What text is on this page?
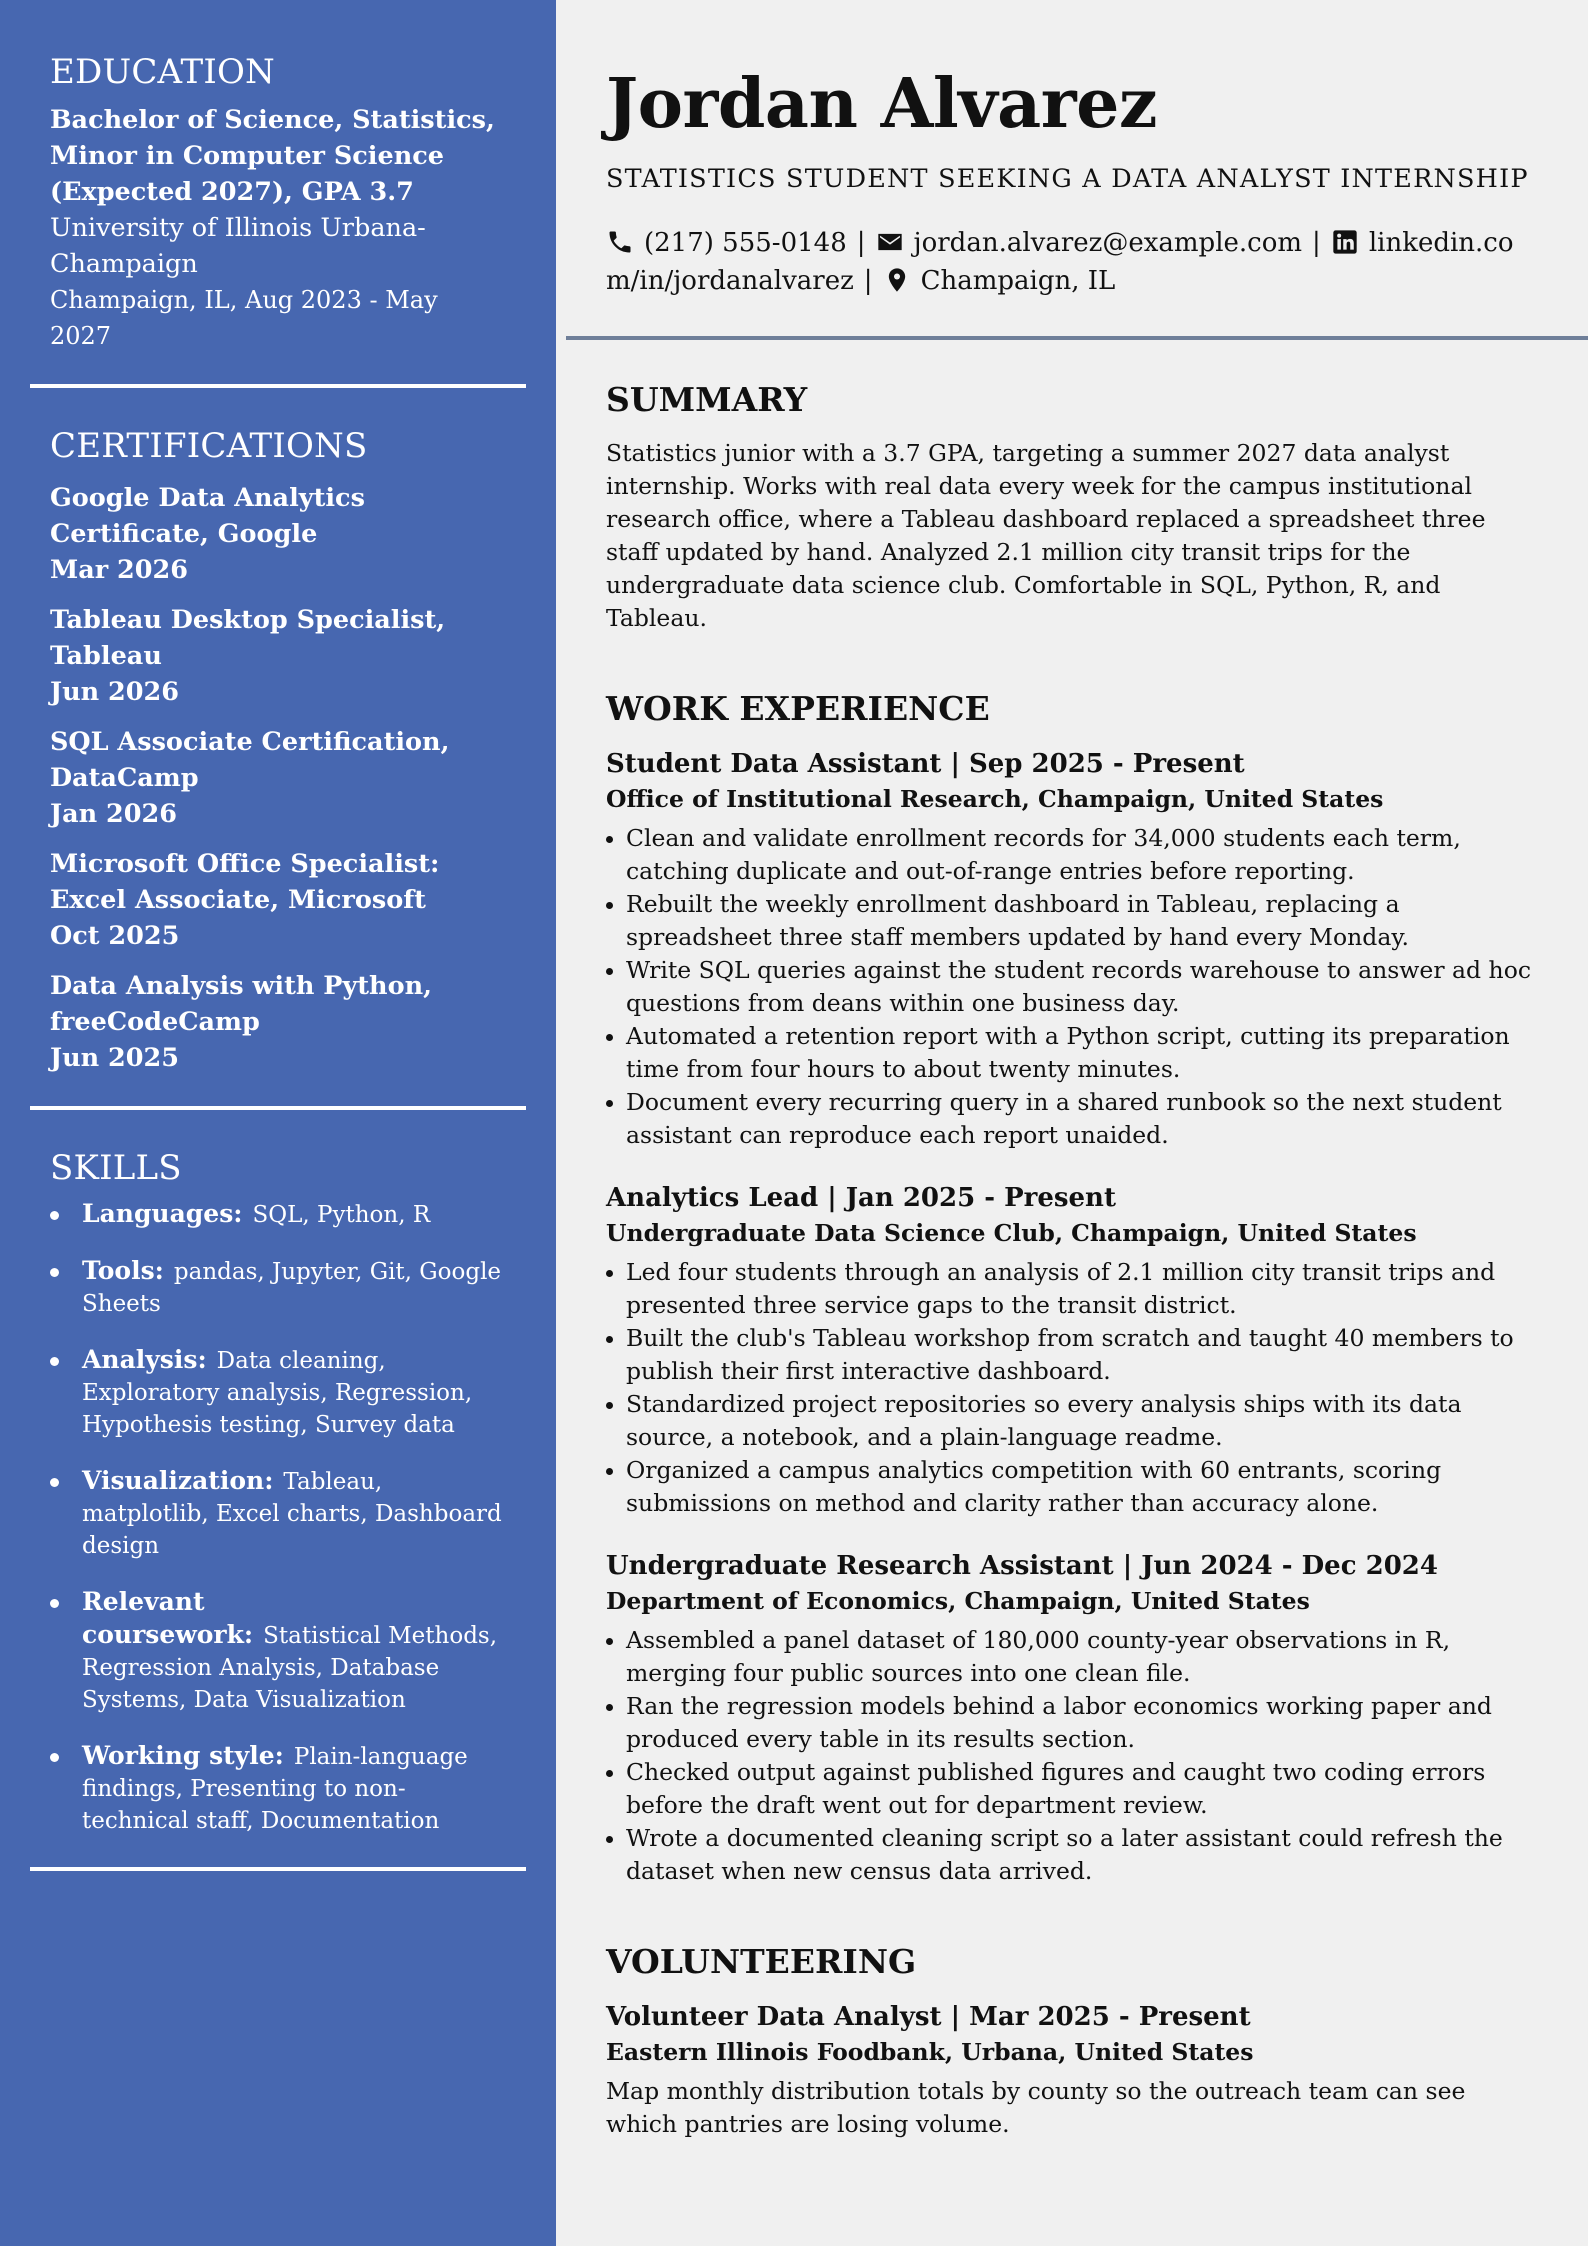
EDUCATION
Bachelor of Science, Statistics, Minor in Computer Science (Expected 2027), GPA 3.7
University of Illinois Urbana-Champaign
Champaign, IL, Aug 2023 - May 2027
CERTIFICATIONS
Google Data Analytics Certificate, Google
Mar 2026
Tableau Desktop Specialist, Tableau
Jun 2026
SQL Associate Certification, DataCamp
Jan 2026
Microsoft Office Specialist: Excel Associate, Microsoft
Oct 2025
Data Analysis with Python, freeCodeCamp
Jun 2025
SKILLS
Languages: SQL, Python, R
Tools: pandas, Jupyter, Git, Google Sheets
Analysis: Data cleaning, Exploratory analysis, Regression, Hypothesis testing, Survey data
Visualization: Tableau, matplotlib, Excel charts, Dashboard design
Relevant coursework: Statistical Methods, Regression Analysis, Database Systems, Data Visualization
Working style: Plain-language findings, Presenting to non-technical staff, Documentation
Jordan Alvarez
STATISTICS STUDENT SEEKING A DATA ANALYST INTERNSHIP
(217) 555-0148 | jordan.alvarez@example.com | linkedin.com/in/jordanalvarez | Champaign, IL
SUMMARY
Statistics junior with a 3.7 GPA, targeting a summer 2027 data analyst internship. Works with real data every week for the campus institutional research office, where a Tableau dashboard replaced a spreadsheet three staff updated by hand. Analyzed 2.1 million city transit trips for the undergraduate data science club. Comfortable in SQL, Python, R, and Tableau.
WORK EXPERIENCE
Student Data Assistant | Sep 2025 - Present
Office of Institutional Research, Champaign, United States
Clean and validate enrollment records for 34,000 students each term, catching duplicate and out-of-range entries before reporting.
Rebuilt the weekly enrollment dashboard in Tableau, replacing a spreadsheet three staff members updated by hand every Monday.
Write SQL queries against the student records warehouse to answer ad hoc questions from deans within one business day.
Automated a retention report with a Python script, cutting its preparation time from four hours to about twenty minutes.
Document every recurring query in a shared runbook so the next student assistant can reproduce each report unaided.
Analytics Lead | Jan 2025 - Present
Undergraduate Data Science Club, Champaign, United States
Led four students through an analysis of 2.1 million city transit trips and presented three service gaps to the transit district.
Built the club's Tableau workshop from scratch and taught 40 members to publish their first interactive dashboard.
Standardized project repositories so every analysis ships with its data source, a notebook, and a plain-language readme.
Organized a campus analytics competition with 60 entrants, scoring submissions on method and clarity rather than accuracy alone.
Undergraduate Research Assistant | Jun 2024 - Dec 2024
Department of Economics, Champaign, United States
Assembled a panel dataset of 180,000 county-year observations in R, merging four public sources into one clean file.
Ran the regression models behind a labor economics working paper and produced every table in its results section.
Checked output against published figures and caught two coding errors before the draft went out for department review.
Wrote a documented cleaning script so a later assistant could refresh the dataset when new census data arrived.
VOLUNTEERING
Volunteer Data Analyst | Mar 2025 - Present
Eastern Illinois Foodbank, Urbana, United States
Map monthly distribution totals by county so the outreach team can see which pantries are losing volume.
